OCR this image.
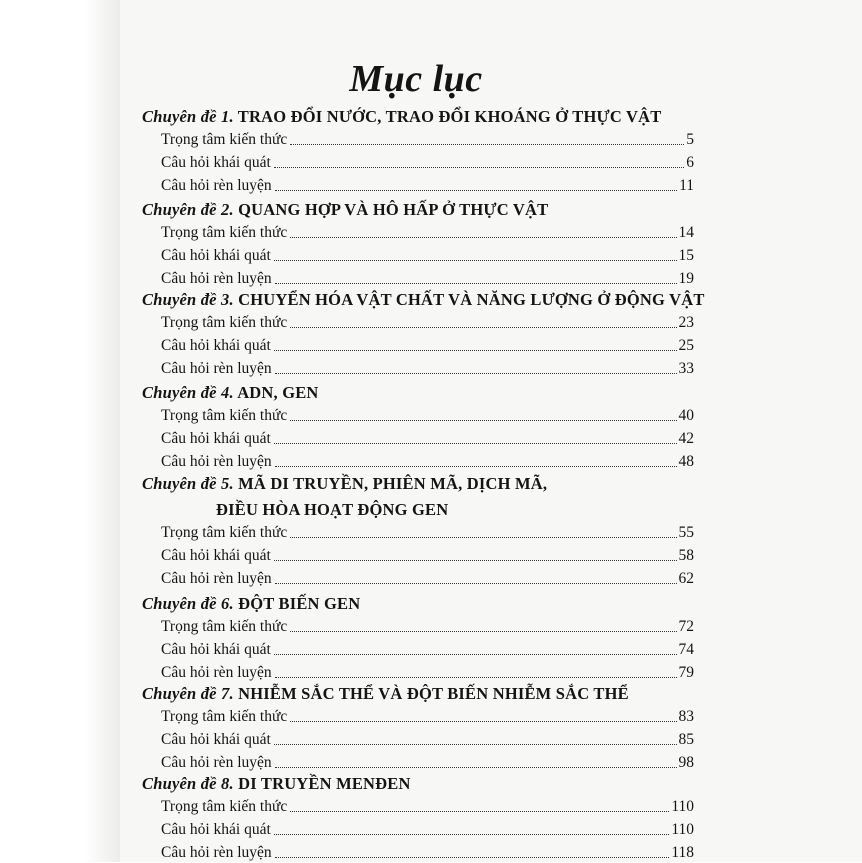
Mục lục
Chuyên đề 1. TRAO ĐỔI NƯỚC, TRAO ĐỔI KHOÁNG Ở THỰC VẬT
Trọng tâm kiến thức	5
Câu hỏi khái quát	6
Câu hỏi rèn luyện	11
Chuyên đề 2. QUANG HỢP VÀ HÔ HẤP Ở THỰC VẬT
Trọng tâm kiến thức	14
Câu hỏi khái quát	15
Câu hỏi rèn luyện	19
Chuyên đề 3. CHUYỂN HÓA VẬT CHẤT VÀ NĂNG LƯỢNG Ở ĐỘNG VẬT
Trọng tâm kiến thức	23
Câu hỏi khái quát	25
Câu hỏi rèn luyện	33
Chuyên đề 4. ADN, GEN
Trọng tâm kiến thức	40
Câu hỏi khái quát	42
Câu hỏi rèn luyện	48
Chuyên đề 5. MÃ DI TRUYỀN, PHIÊN MÃ, DỊCH MÃ,
ĐIỀU HÒA HOẠT ĐỘNG GEN
Trọng tâm kiến thức	55
Câu hỏi khái quát	58
Câu hỏi rèn luyện	62
Chuyên đề 6. ĐỘT BIẾN GEN
Trọng tâm kiến thức	72
Câu hỏi khái quát	74
Câu hỏi rèn luyện	79
Chuyên đề 7. NHIỄM SẮC THỂ VÀ ĐỘT BIẾN NHIỄM SẮC THỂ
Trọng tâm kiến thức	83
Câu hỏi khái quát	85
Câu hỏi rèn luyện	98
Chuyên đề 8. DI TRUYỀN MENĐEN
Trọng tâm kiến thức	110
Câu hỏi khái quát	110
Câu hỏi rèn luyện	118
